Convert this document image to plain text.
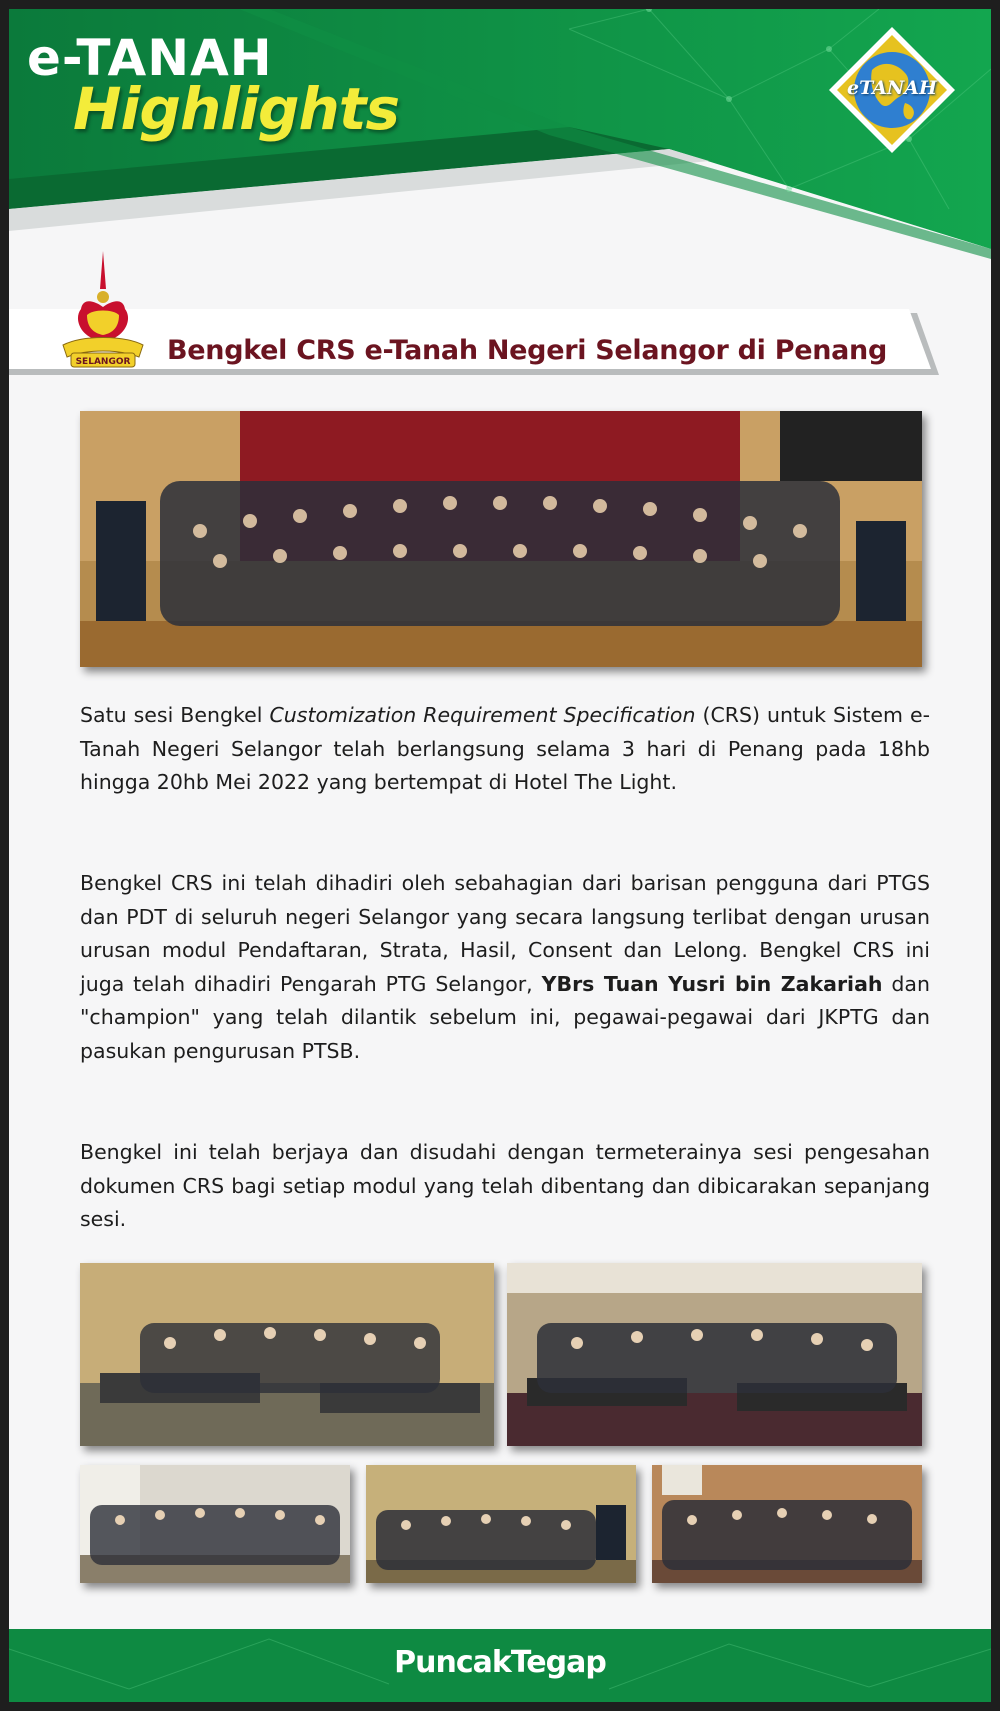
e-TANAH
Highlights	eTANAH
SELANGOR Bengkel CRS e-Tanah Negeri Selangor di Penang
Satu sesi Bengkel Customization Requirement Specification (CRS) untuk Sistem e-Tanah Negeri Selangor telah berlangsung selama 3 hari di Penang pada 18hb hingga 20hb Mei 2022 yang bertempat di Hotel The Light.
Bengkel CRS ini telah dihadiri oleh sebahagian dari barisan pengguna dari PTGS dan PDT di seluruh negeri Selangor yang secara langsung terlibat dengan urusan urusan modul Pendaftaran, Strata, Hasil, Consent dan Lelong. Bengkel CRS ini juga telah dihadiri Pengarah PTG Selangor, YBrs Tuan Yusri bin Zakariah dan "champion" yang telah dilantik sebelum ini, pegawai-pegawai dari JKPTG dan pasukan pengurusan PTSB.
Bengkel ini telah berjaya dan disudahi dengan termeterainya sesi pengesahan dokumen CRS bagi setiap modul yang telah dibentang dan dibicarakan sepanjang sesi.
PuncakTegap
